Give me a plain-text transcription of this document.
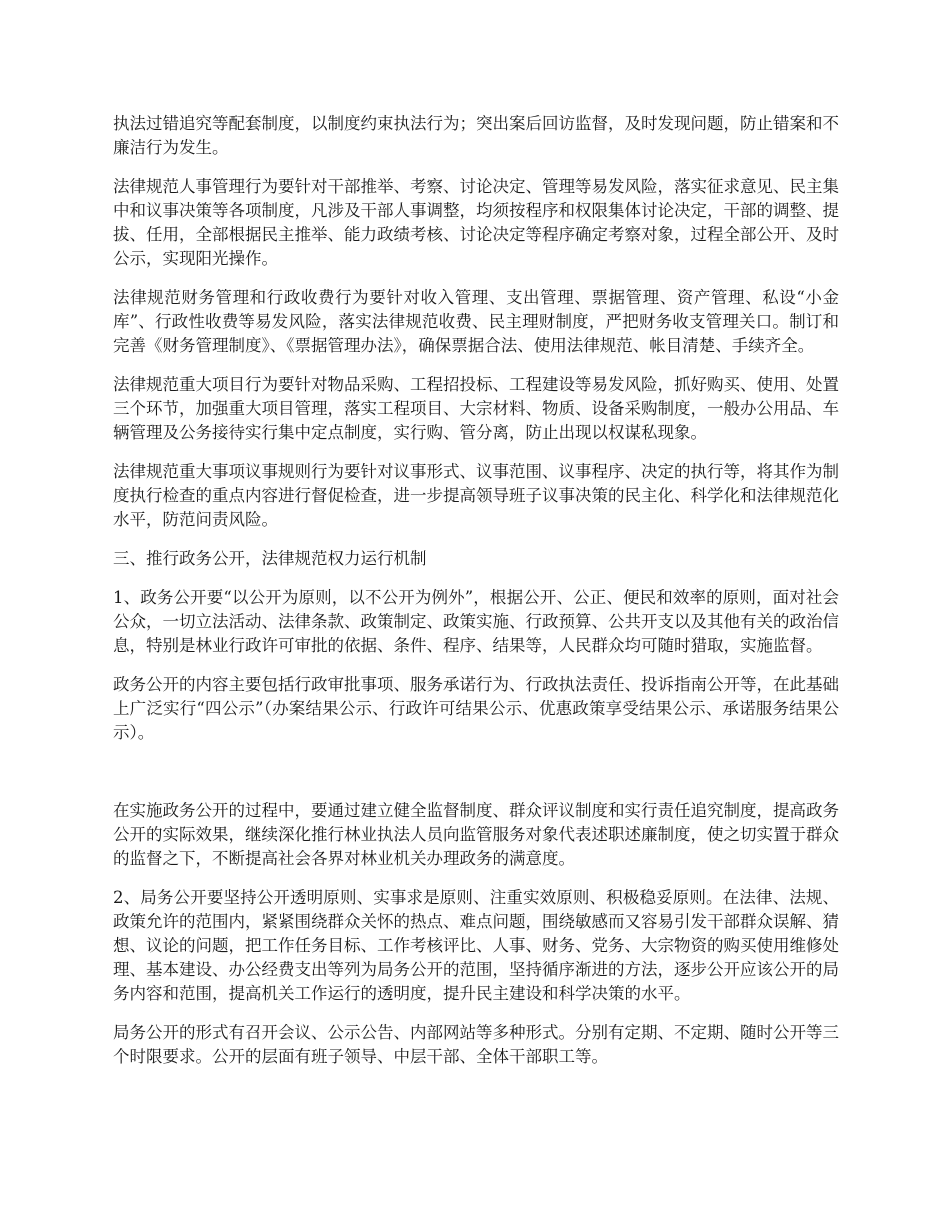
执法过错追究等配套制度，以制度约束执法行为；突出案后回访监督，及时发现问题，防止错案和不廉洁行为发生。

法律规范人事管理行为要针对干部推举、考察、讨论决定、管理等易发风险，落实征求意见、民主集中和议事决策等各项制度，凡涉及干部人事调整，均须按程序和权限集体讨论决定，干部的调整、提拔、任用，全部根据民主推举、能力政绩考核、讨论决定等程序确定考察对象，过程全部公开、及时公示，实现阳光操作。

法律规范财务管理和行政收费行为要针对收入管理、支出管理、票据管理、资产管理、私设“小金库”、行政性收费等易发风险，落实法律规范收费、民主理财制度，严把财务收支管理关口。制订和完善《财务管理制度》、《票据管理办法》，确保票据合法、使用法律规范、帐目清楚、手续齐全。

法律规范重大项目行为要针对物品采购、工程招投标、工程建设等易发风险，抓好购买、使用、处置三个环节，加强重大项目管理，落实工程项目、大宗材料、物质、设备采购制度，一般办公用品、车辆管理及公务接待实行集中定点制度，实行购、管分离，防止出现以权谋私现象。

法律规范重大事项议事规则行为要针对议事形式、议事范围、议事程序、决定的执行等，将其作为制度执行检查的重点内容进行督促检查，进一步提高领导班子议事决策的民主化、科学化和法律规范化水平，防范问责风险。

三、推行政务公开，法律规范权力运行机制

1、政务公开要“以公开为原则，以不公开为例外”，根据公开、公正、便民和效率的原则，面对社会公众，一切立法活动、法律条款、政策制定、政策实施、行政预算、公共开支以及其他有关的政治信息，特别是林业行政许可审批的依据、条件、程序、结果等，人民群众均可随时猎取，实施监督。

政务公开的内容主要包括行政审批事项、服务承诺行为、行政执法责任、投诉指南公开等，在此基础上广泛实行“四公示”（办案结果公示、行政许可结果公示、优惠政策享受结果公示、承诺服务结果公示）。

在实施政务公开的过程中，要通过建立健全监督制度、群众评议制度和实行责任追究制度，提高政务公开的实际效果，继续深化推行林业执法人员向监管服务对象代表述职述廉制度，使之切实置于群众的监督之下，不断提高社会各界对林业机关办理政务的满意度。

2、局务公开要坚持公开透明原则、实事求是原则、注重实效原则、积极稳妥原则。在法律、法规、政策允许的范围内，紧紧围绕群众关怀的热点、难点问题，围绕敏感而又容易引发干部群众误解、猜想、议论的问题，把工作任务目标、工作考核评比、人事、财务、党务、大宗物资的购买使用维修处理、基本建设、办公经费支出等列为局务公开的范围，坚持循序渐进的方法，逐步公开应该公开的局务内容和范围，提高机关工作运行的透明度，提升民主建设和科学决策的水平。

局务公开的形式有召开会议、公示公告、内部网站等多种形式。分别有定期、不定期、随时公开等三个时限要求。公开的层面有班子领导、中层干部、全体干部职工等。
